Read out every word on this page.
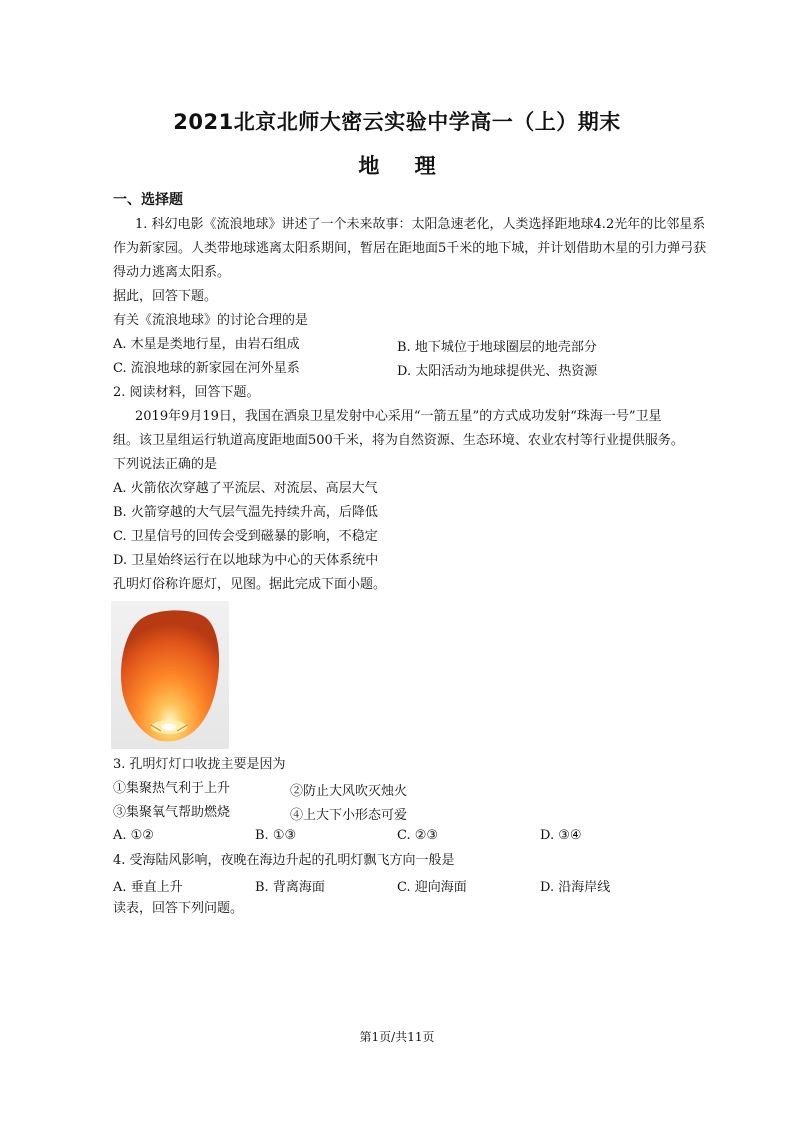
2021北京北师大密云实验中学高一（上）期末
地 理
一、选择题
1. 科幻电影《流浪地球》讲述了一个未来故事：太阳急速老化，人类选择距地球4.2光年的比邻星系
作为新家园。人类带地球逃离太阳系期间，暂居在距地面5千米的地下城，并计划借助木星的引力弹弓获
得动力逃离太阳系。
据此，回答下题。
有关《流浪地球》的讨论合理的是
A. 木星是类地行星，由岩石组成	B. 地下城位于地球圈层的地壳部分
C. 流浪地球的新家园在河外星系	D. 太阳活动为地球提供光、热资源
2. 阅读材料，回答下题。
2019年9月19日，我国在酒泉卫星发射中心采用“一箭五星”的方式成功发射“珠海一号”卫星
组。该卫星组运行轨道高度距地面500千米，将为自然资源、生态环境、农业农村等行业提供服务。
下列说法正确的是
A. 火箭依次穿越了平流层、对流层、高层大气
B. 火箭穿越的大气层气温先持续升高，后降低
C. 卫星信号的回传会受到磁暴的影响，不稳定
D. 卫星始终运行在以地球为中心的天体系统中
孔明灯俗称许愿灯，见图。据此完成下面小题。
3. 孔明灯灯口收拢主要是因为
①集聚热气利于上升	②防止大风吹灭烛火
③集聚氧气帮助燃烧	④上大下小形态可爱
A. ①②	B. ①③	C. ②③	D. ③④
4. 受海陆风影响，夜晚在海边升起的孔明灯飘飞方向一般是
A. 垂直上升	B. 背离海面	C. 迎向海面	D. 沿海岸线
读表，回答下列问题。
第1页/共11页
